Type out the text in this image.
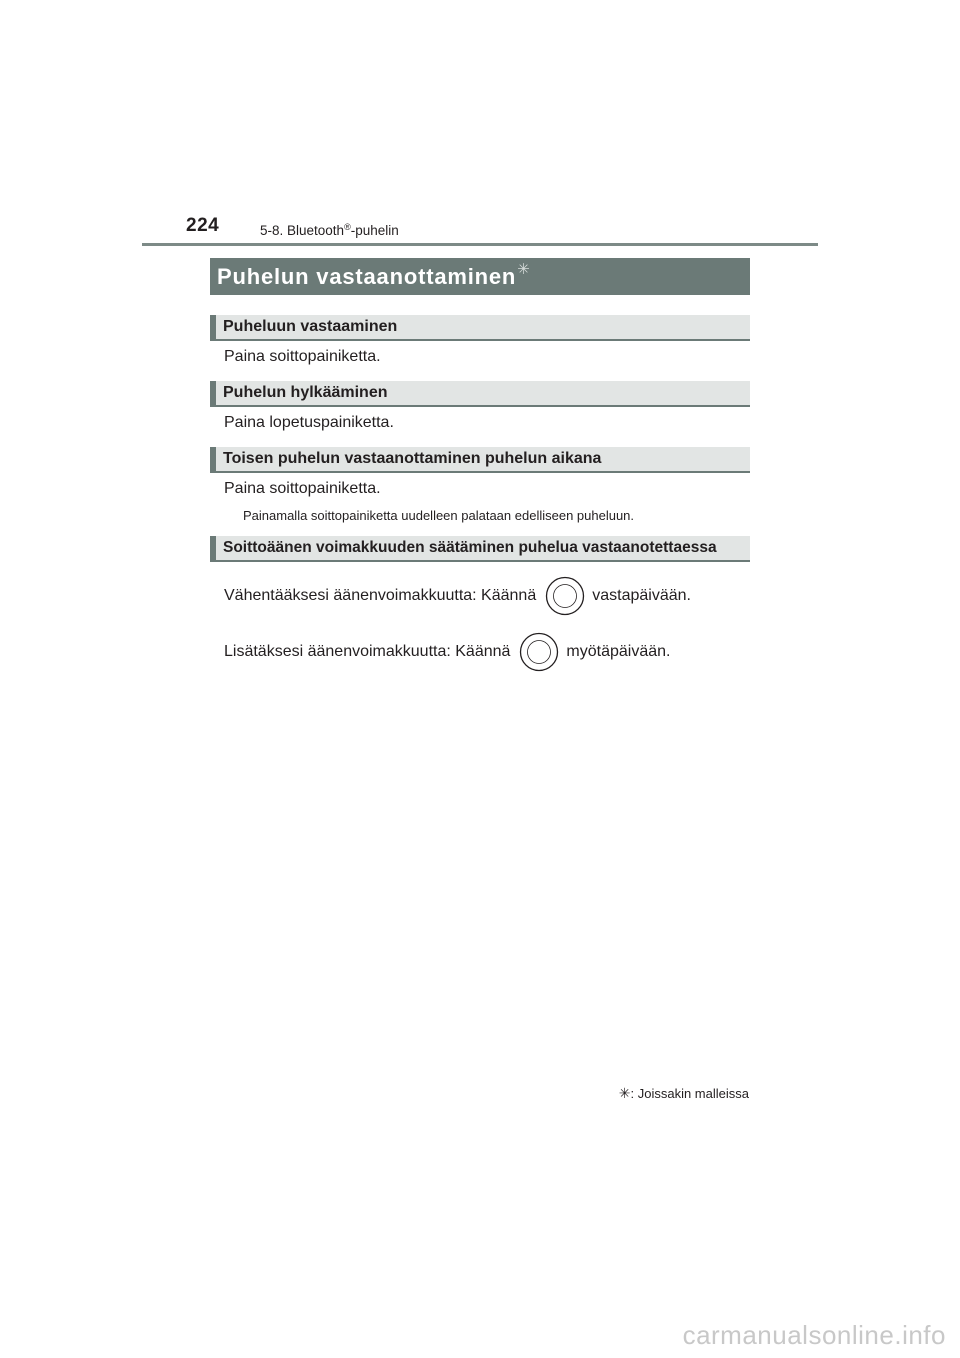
224	5-8. Bluetooth®-puhelin
Puhelun vastaanottaminen ✳
Puheluun vastaaminen
Paina soittopainiketta.
Puhelun hylkääminen
Paina lopetuspainiketta.
Toisen puhelun vastaanottaminen puhelun aikana
Paina soittopainiketta.
Painamalla soittopainiketta uudelleen palataan edelliseen puheluun.
Soittoäänen voimakkuuden säätäminen puhelua vastaanotettaessa
Vähentääksesi äänenvoimakkuutta: Käännä	vastapäivään.
Lisätäksesi äänenvoimakkuutta: Käännä	myötäpäivään.
✳: Joissakin malleissa
carmanualsonline.info
